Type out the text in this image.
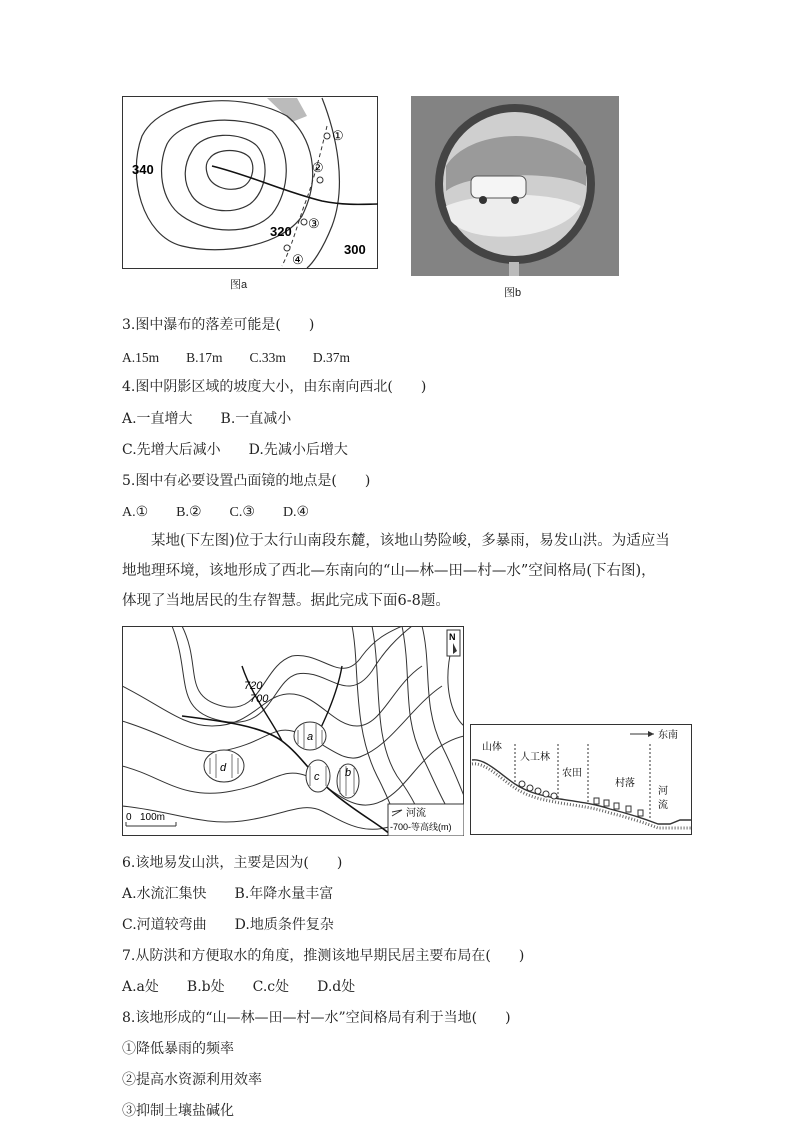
340
320
300
①
②
③
④
图a
图b
3.图中瀑布的落差可能是(　　)
A.15m　　B.17m　　C.33m　　D.37m
4.图中阴影区域的坡度大小，由东南向西北(　　)
A.一直增大　　B.一直减小
C.先增大后减小　　D.先减小后增大
5.图中有必要设置凸面镜的地点是(　　)
A.①　　B.②　　C.③　　D.④
　　某地(下左图)位于太行山南段东麓，该地山势险峻，多暴雨，易发山洪。为适应当
地地理环境，该地形成了西北—东南向的“山—林—田—村—水”空间格局(下右图)，
体现了当地居民的生存智慧。据此完成下面6-8题。
a
b
c
d
720
700
N
0 100m	河流
-700-等高线(m)
东南
山体
人工林
农田
村落
河
流
6.该地易发山洪，主要是因为(　　)
A.水流汇集快　　B.年降水量丰富
C.河道较弯曲　　D.地质条件复杂
7.从防洪和方便取水的角度，推测该地早期民居主要布局在(　　)
A.a处　　B.b处　　C.c处　　D.d处
8.该地形成的“山—林—田—村—水”空间格局有利于当地(　　)
①降低暴雨的频率
②提高水资源利用效率
③抑制土壤盐碱化
